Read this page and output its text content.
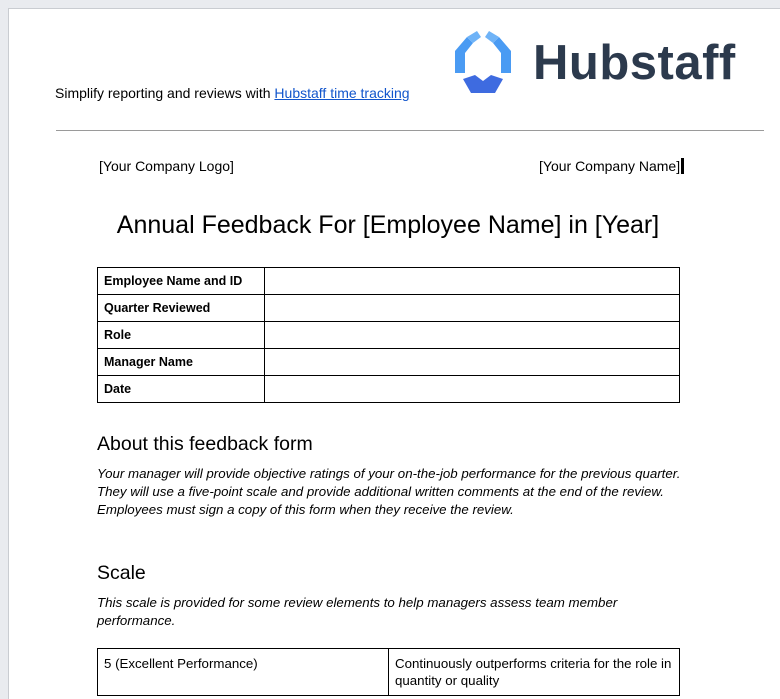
Hubstaff
Simplify reporting and reviews with Hubstaff time tracking
[Your Company Logo]	[Your Company Name]
Annual Feedback For [Employee Name] in [Year]
Employee Name and ID	
Quarter Reviewed	
Role	
Manager Name	
Date	
About this feedback form
Your manager will provide objective ratings of your on-the-job performance for the previous quarter. They will use a five-point scale and provide additional written comments at the end of the review. Employees must sign a copy of this form when they receive the review.
Scale
This scale is provided for some review elements to help managers assess team member performance.
5 (Excellent Performance)	Continuously outperforms criteria for the role in quantity or quality
